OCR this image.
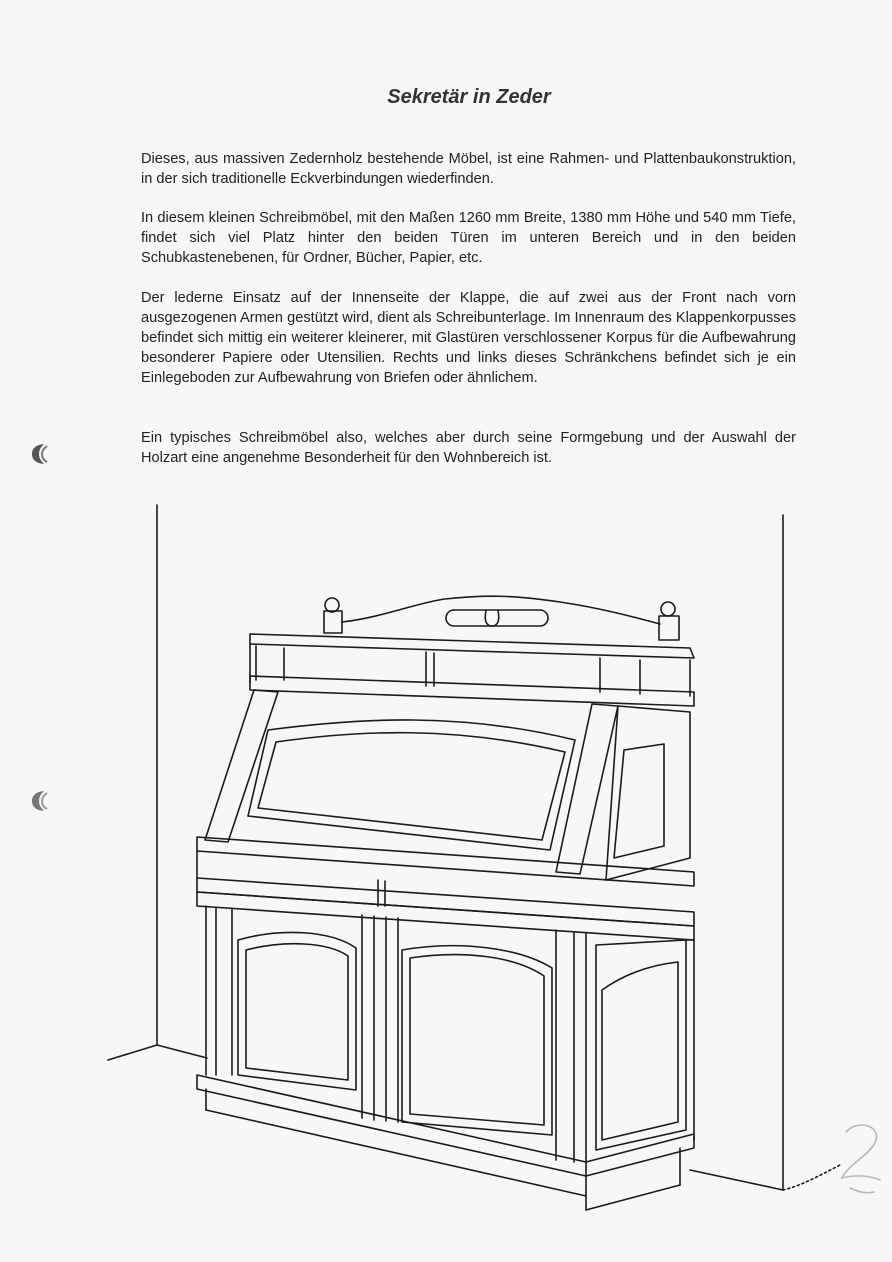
Sekretär in Zeder

Dieses, aus massiven Zedernholz bestehende Möbel, ist eine Rahmen- und Plattenbaukonstruktion, in der sich traditionelle Eckverbindungen wiederfinden.

In diesem kleinen Schreibmöbel, mit den Maßen 1260 mm Breite, 1380 mm Höhe und 540 mm Tiefe, findet sich viel Platz hinter den beiden Türen im unteren Bereich und in den beiden Schubkastenebenen, für Ordner, Bücher, Papier, etc.

Der lederne Einsatz auf der Innenseite der Klappe, die auf zwei aus der Front nach vorn ausgezogenen Armen gestützt wird, dient als Schreibunterlage. Im Innenraum des Klappenkorpusses befindet sich mittig ein weiterer kleinerer, mit Glastüren verschlossener Korpus für die Aufbewahrung besonderer Papiere oder Utensilien. Rechts und links dieses Schränkchens befindet sich je ein Einlegeboden zur Aufbewahrung von Briefen oder ähnlichem.

Ein typisches Schreibmöbel also, welches aber durch seine Formgebung und der Auswahl der Holzart eine angenehme Besonderheit für den Wohnbereich ist.
